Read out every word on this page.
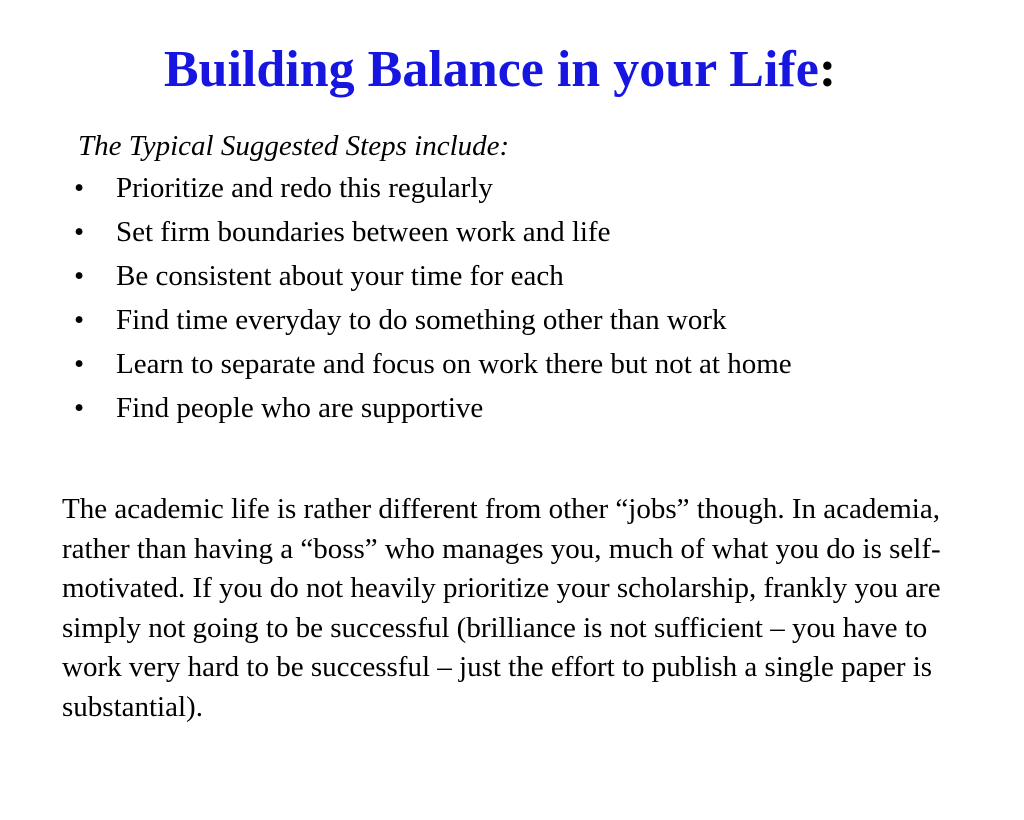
Building Balance in your Life:

The Typical Suggested Steps include:

• Prioritize and redo this regularly
• Set firm boundaries between work and life
• Be consistent about your time for each
• Find time everyday to do something other than work
• Learn to separate and focus on work there but not at home
• Find people who are supportive

The academic life is rather different from other “jobs” though. In academia, rather than having a “boss” who manages you, much of what you do is self-motivated. If you do not heavily prioritize your scholarship, frankly you are simply not going to be successful (brilliance is not sufficient – you have to work very hard to be successful – just the effort to publish a single paper is substantial).
